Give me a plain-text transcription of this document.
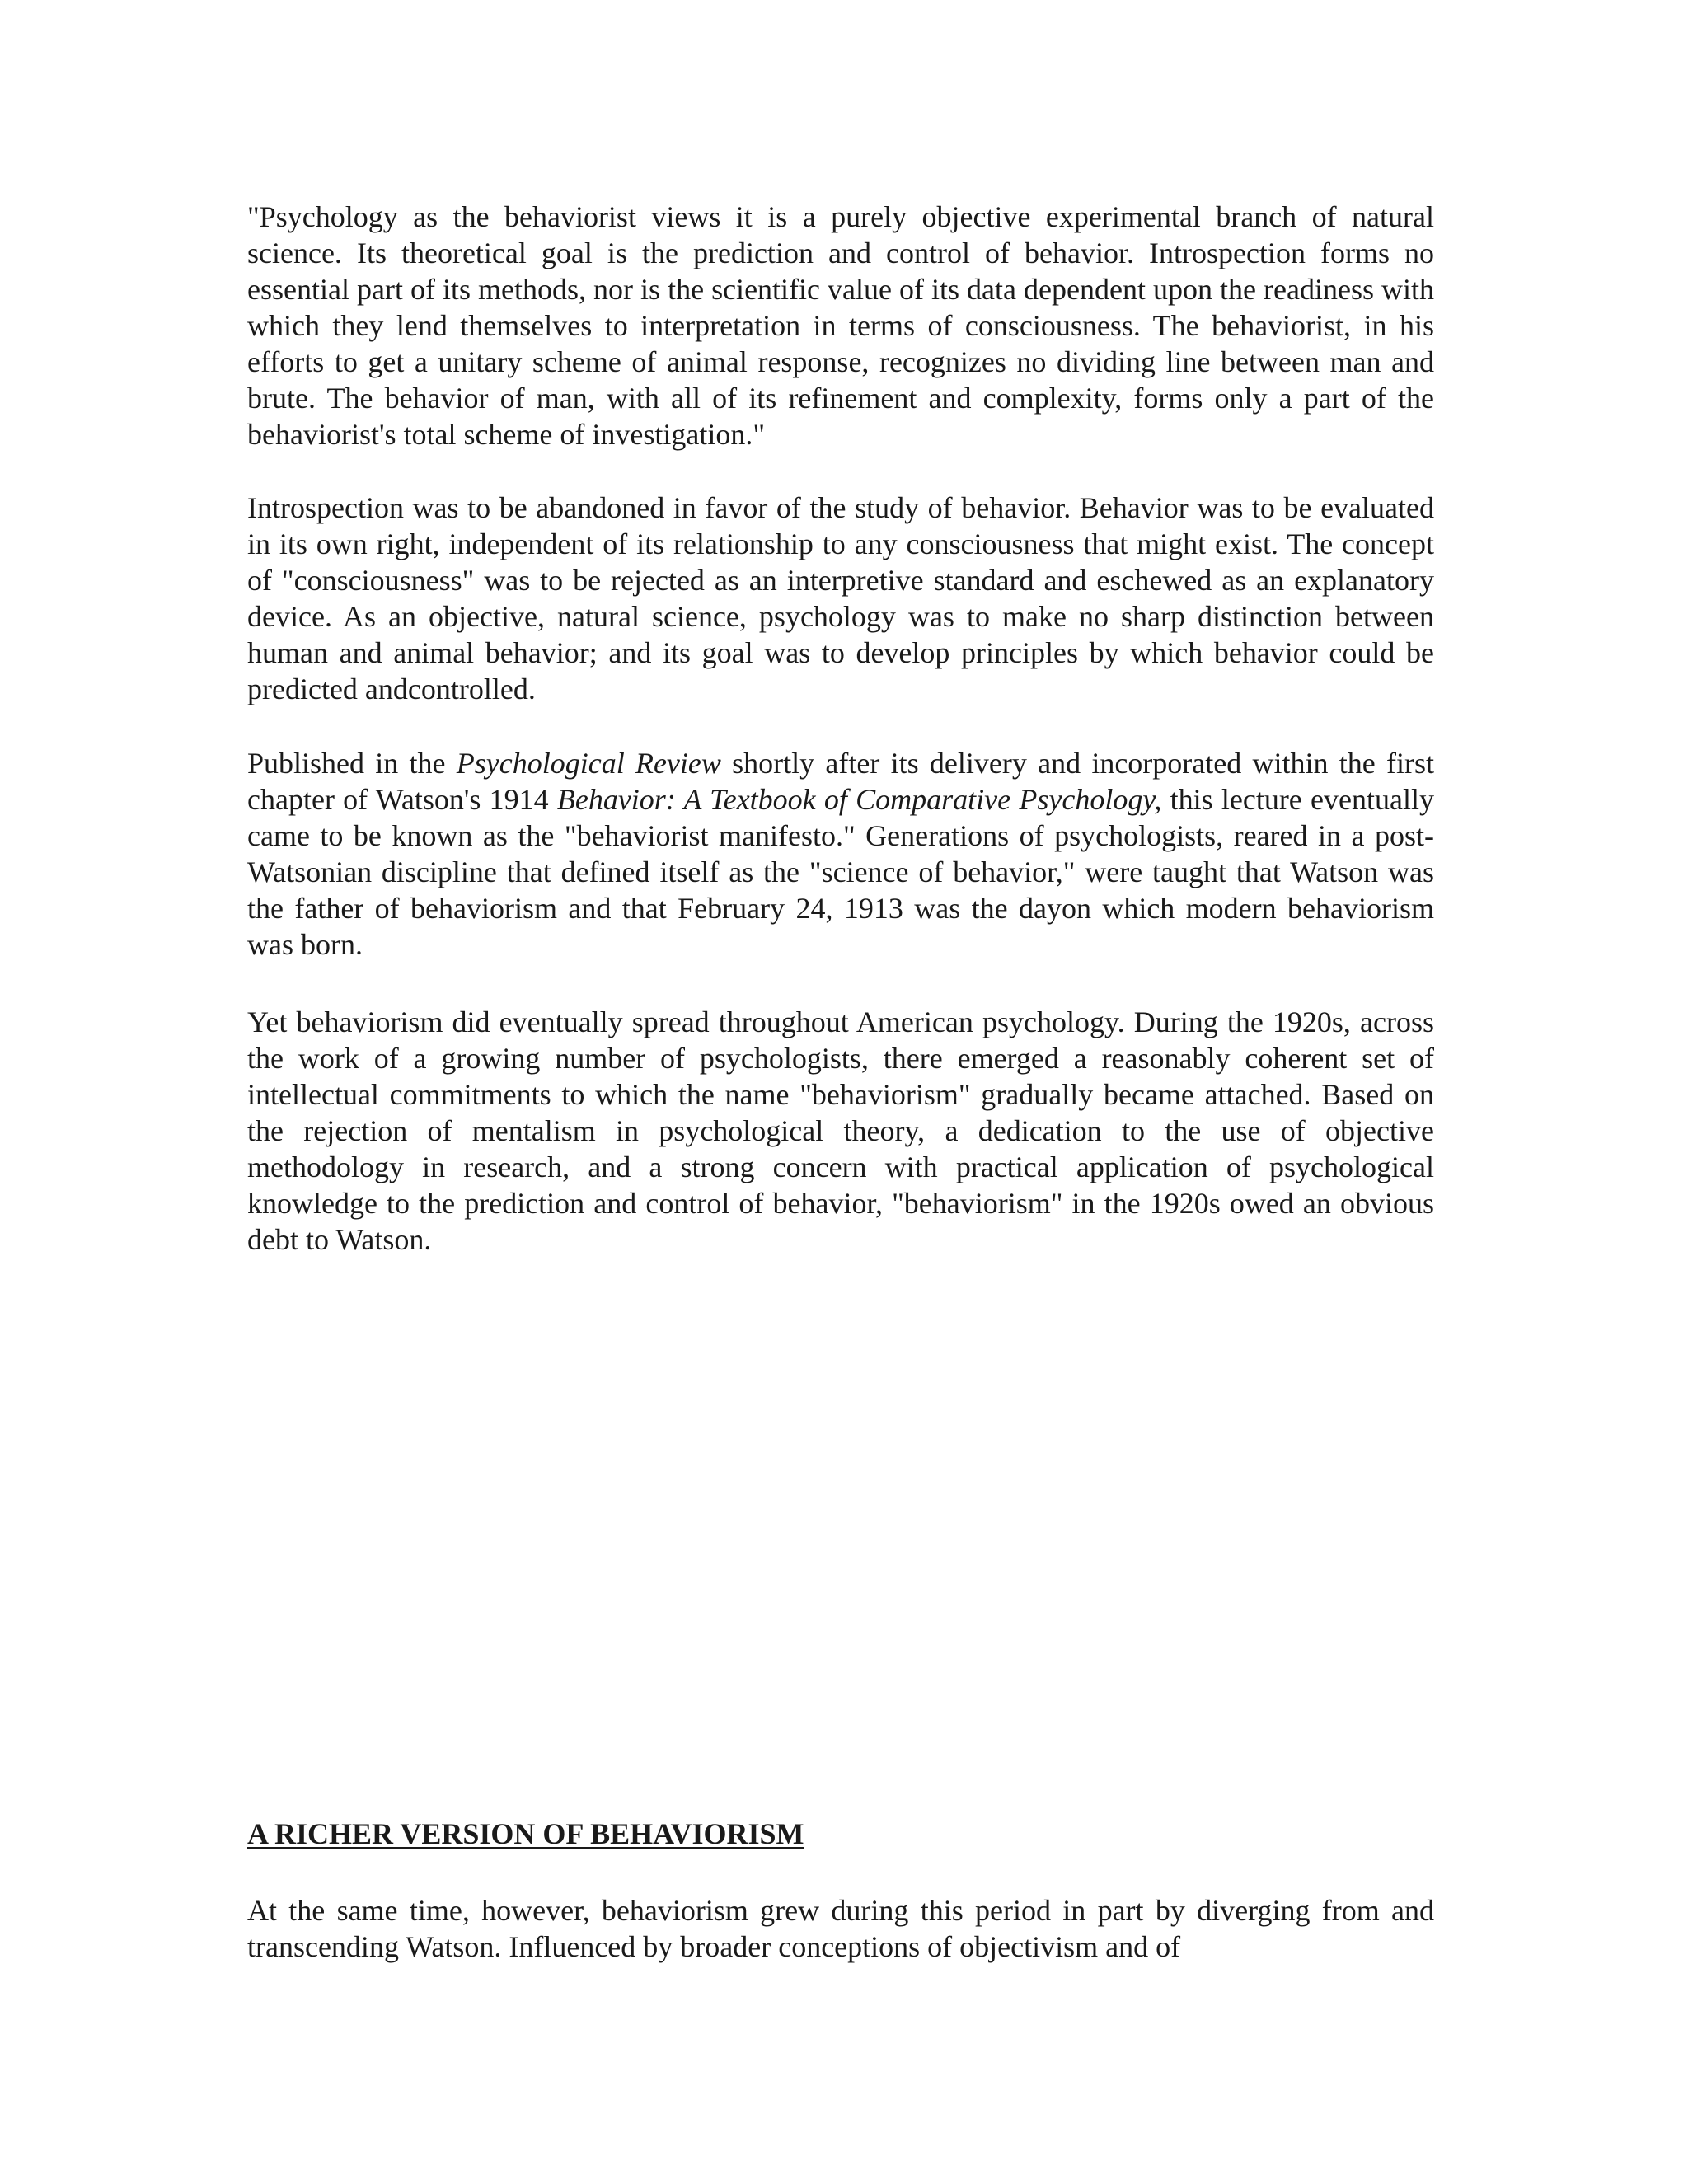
"Psychology as the behaviorist views it is a purely objective experimental branch of natural science. Its theoretical goal is the prediction and control of behavior. Introspection forms no essential part of its methods, nor is the scientific value of its data dependent upon the readiness with which they lend themselves to interpretation in terms of consciousness. The behaviorist, in his efforts to get a unitary scheme of animal response, recognizes no dividing line between man and brute. The behavior of man, with all of its refinement and complexity, forms only a part of the behaviorist's total scheme of investigation."

Introspection was to be abandoned in favor of the study of behavior. Behavior was to be evaluated in its own right, independent of its relationship to any consciousness that might exist. The concept of "consciousness" was to be rejected as an interpretive standard and eschewed as an explanatory device. As an objective, natural science, psychology was to make no sharp distinction between human and animal behavior; and its goal was to develop principles by which behavior could be predicted andcontrolled.

Published in the Psychological Review shortly after its delivery and incorporated within the first chapter of Watson's 1914 Behavior: A Textbook of Comparative Psychology, this lecture eventually came to be known as the "behaviorist manifesto." Generations of psychologists, reared in a post-Watsonian discipline that defined itself as the "science of behavior," were taught that Watson was the father of behaviorism and that February 24, 1913 was the dayon which modern behaviorism was born.

Yet behaviorism did eventually spread throughout American psychology. During the 1920s, across the work of a growing number of psychologists, there emerged a reasonably coherent set of intellectual commitments to which the name "behaviorism" gradually became attached. Based on the rejection of mentalism in psychological theory, a dedication to the use of objective methodology in research, and a strong concern with practical application of psychological knowledge to the prediction and control of behavior, "behaviorism" in the 1920s owed an obvious debt to Watson.

A RICHER VERSION OF BEHAVIORISM

At the same time, however, behaviorism grew during this period in part by diverging from and transcending Watson. Influenced by broader conceptions of objectivism and of
